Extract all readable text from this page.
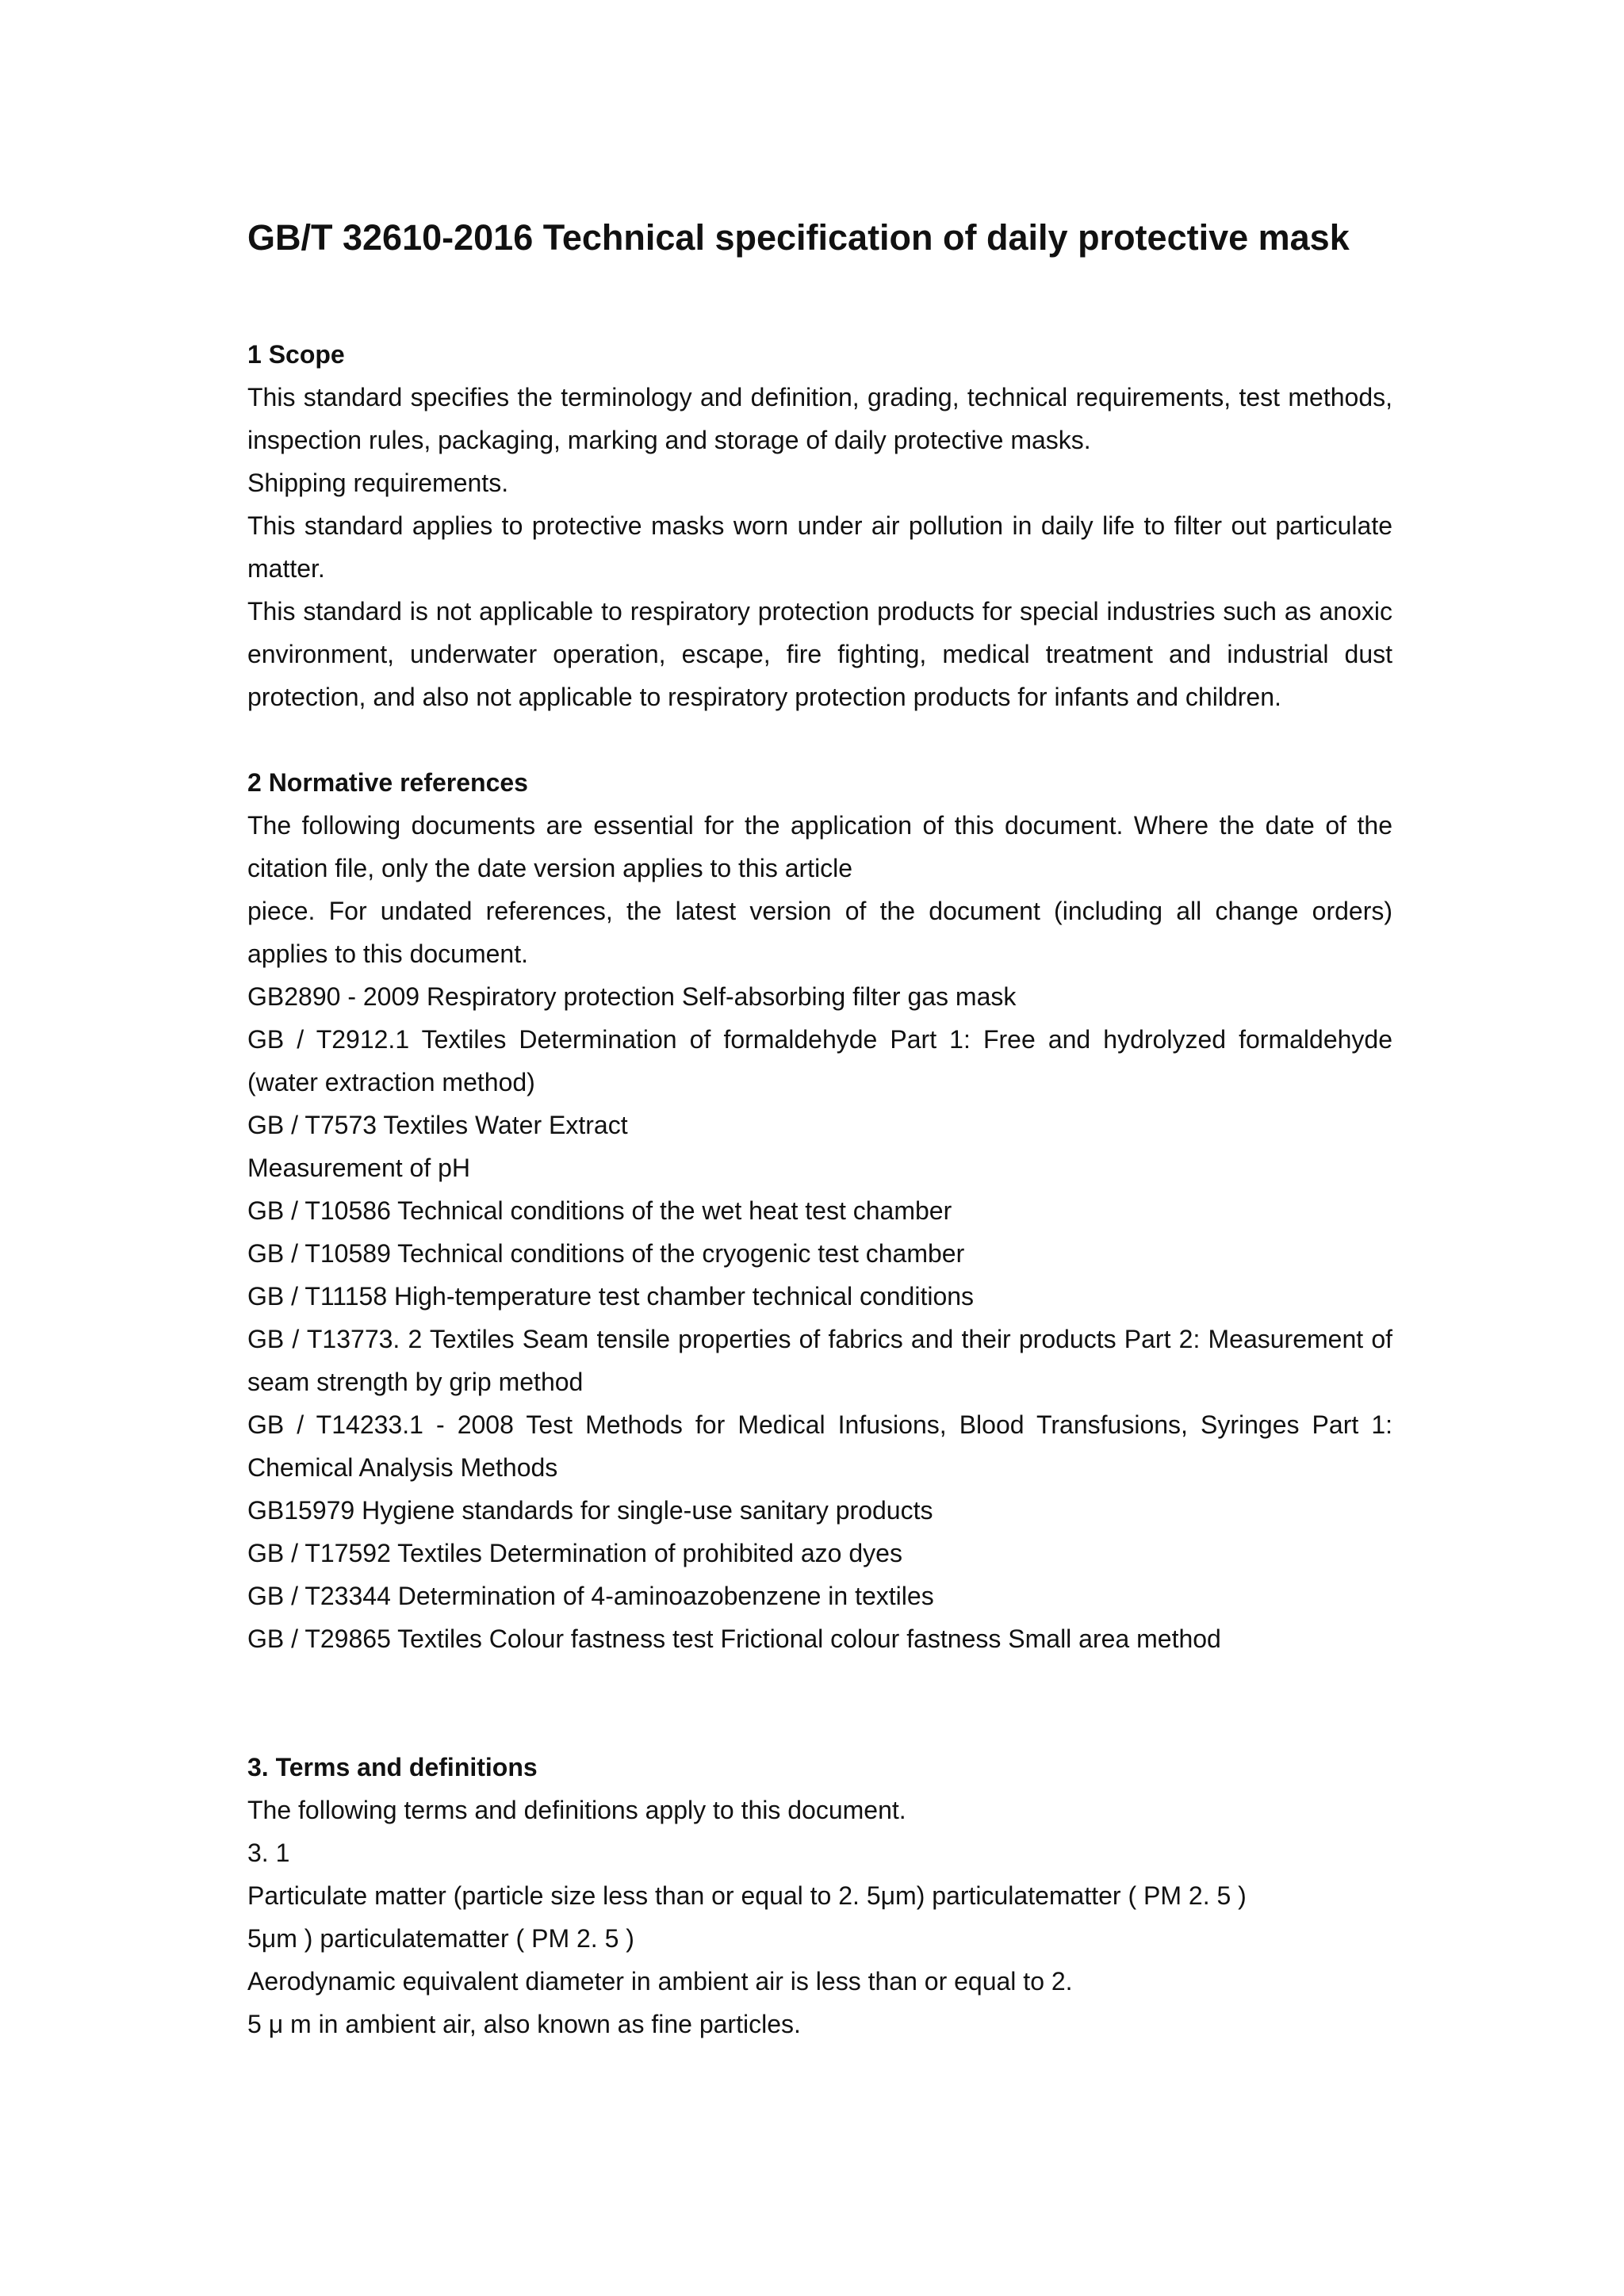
GB/T 32610-2016 Technical specification of daily protective mask

1 Scope

This standard specifies the terminology and definition, grading, technical requirements, test methods, inspection rules, packaging, marking and storage of daily protective masks.

Shipping requirements.

This standard applies to protective masks worn under air pollution in daily life to filter out particulate matter.

This standard is not applicable to respiratory protection products for special industries such as anoxic environment, underwater operation, escape, fire fighting, medical treatment and industrial dust protection, and also not applicable to respiratory protection products for infants and children.

2 Normative references

The following documents are essential for the application of this document. Where the date of the citation file, only the date version applies to this article

piece. For undated references, the latest version of the document (including all change orders) applies to this document.

GB2890 - 2009 Respiratory protection Self-absorbing filter gas mask

GB / T2912.1 Textiles Determination of formaldehyde Part 1: Free and hydrolyzed formaldehyde (water extraction method)

GB / T7573 Textiles Water Extract

Measurement of pH

GB / T10586 Technical conditions of the wet heat test chamber

GB / T10589 Technical conditions of the cryogenic test chamber

GB / T11158 High-temperature test chamber technical conditions

GB / T13773. 2 Textiles Seam tensile properties of fabrics and their products Part 2: Measurement of seam strength by grip method

GB / T14233.1 - 2008 Test Methods for Medical Infusions, Blood Transfusions, Syringes Part 1: Chemical Analysis Methods

GB15979 Hygiene standards for single-use sanitary products

GB / T17592 Textiles Determination of prohibited azo dyes

GB / T23344 Determination of 4-aminoazobenzene in textiles

GB / T29865 Textiles Colour fastness test Frictional colour fastness Small area method

3. Terms and definitions

The following terms and definitions apply to this document.

3. 1

Particulate matter (particle size less than or equal to 2. 5μm) particulatematter ( PM 2. 5 )

5μm ) particulatematter ( PM 2. 5 )

Aerodynamic equivalent diameter in ambient air is less than or equal to 2.

5 μ m in ambient air, also known as fine particles.
